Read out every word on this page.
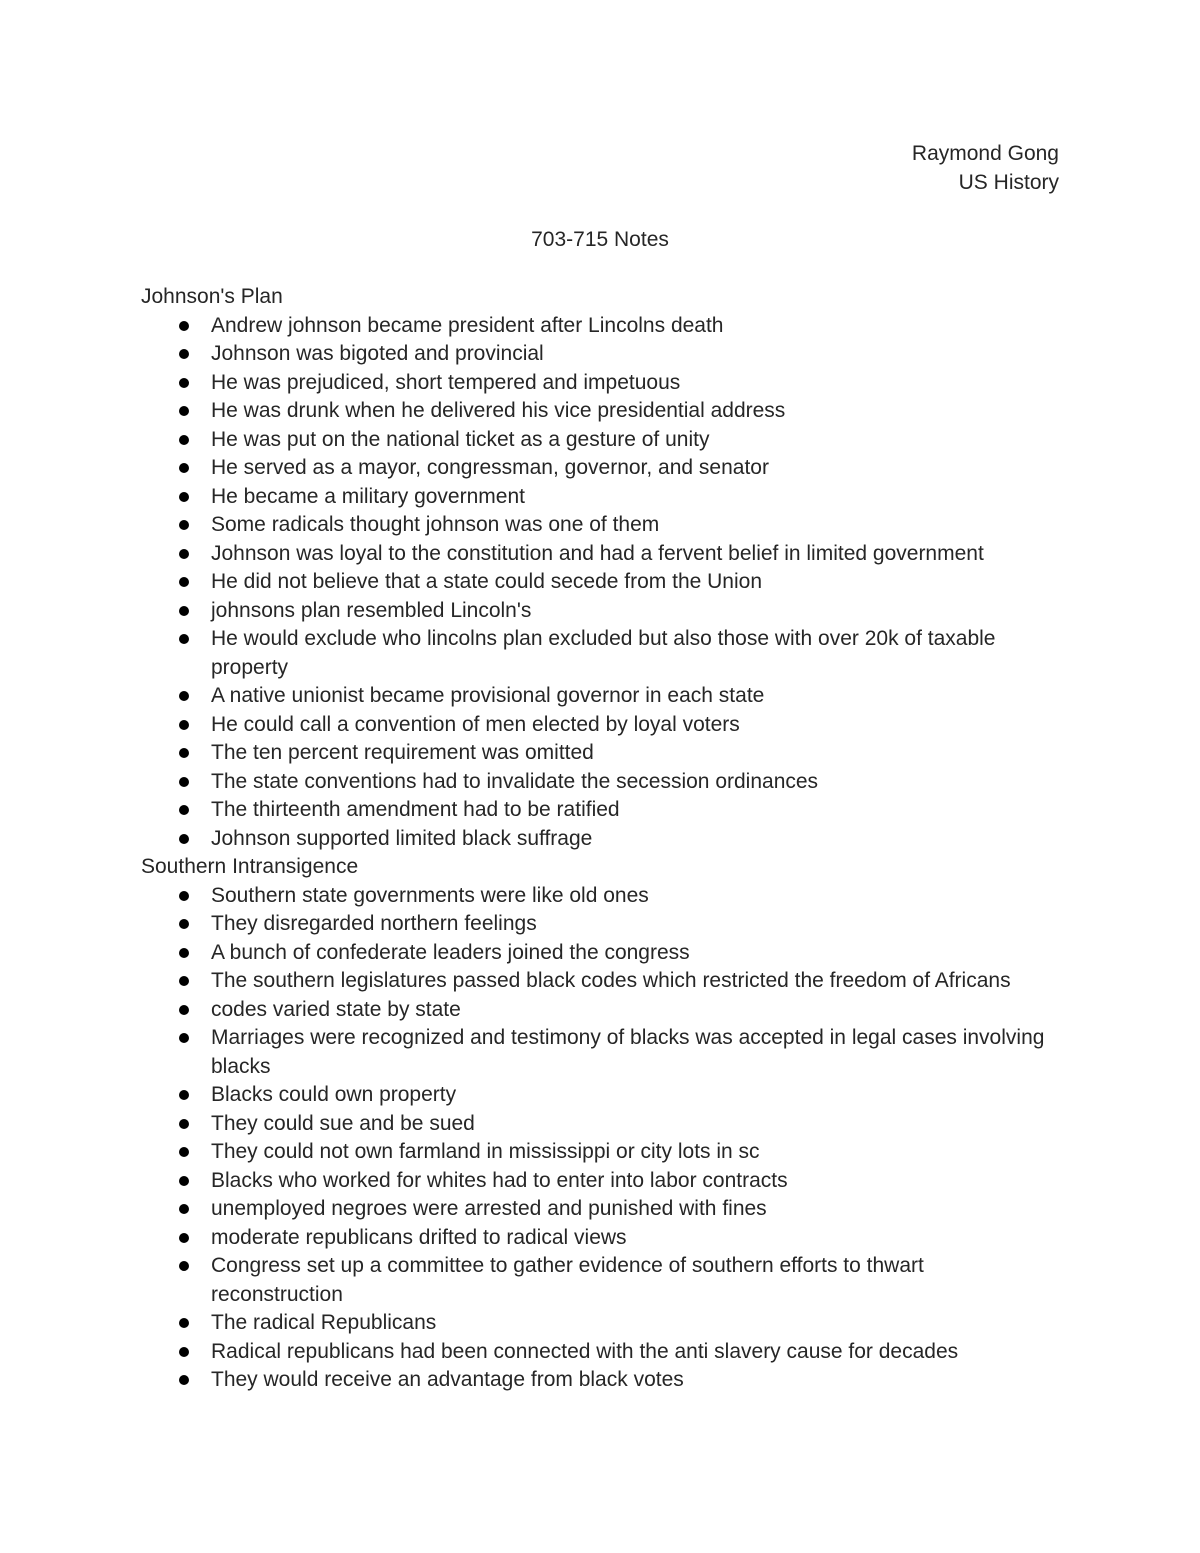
Raymond Gong
US History
703-715 Notes
Johnson's Plan
Andrew johnson became president after Lincolns death
Johnson was bigoted and provincial
He was prejudiced, short tempered and impetuous
He was drunk when he delivered his vice presidential address
He was put on the national ticket as a gesture of unity
He served as a mayor, congressman, governor, and senator
He became a military government
Some radicals thought johnson was one of them
Johnson was loyal to the constitution and had a fervent belief in limited government
He did not believe that a state could secede from the Union
johnsons plan resembled Lincoln's
He would exclude who lincolns plan excluded but also those with over 20k of taxable property
A native unionist became provisional governor in each state
He could call a convention of men elected by loyal voters
The ten percent requirement was omitted
The state conventions had to invalidate the secession ordinances
The thirteenth amendment had to be ratified
Johnson supported limited black suffrage
Southern Intransigence
Southern state governments were like old ones
They disregarded northern feelings
A bunch of confederate leaders joined the congress
The southern legislatures passed black codes which restricted the freedom of Africans
codes varied state by state
Marriages were recognized and testimony of blacks was accepted in legal cases involving blacks
Blacks could own property
They could sue and be sued
They could not own farmland in mississippi or city lots in sc
Blacks who worked for whites had to enter into labor contracts
unemployed negroes were arrested and punished with fines
moderate republicans drifted to radical views
Congress set up a committee to gather evidence of southern efforts to thwart reconstruction
The radical Republicans
Radical republicans had been connected with the anti slavery cause for decades
They would receive an advantage from black votes
